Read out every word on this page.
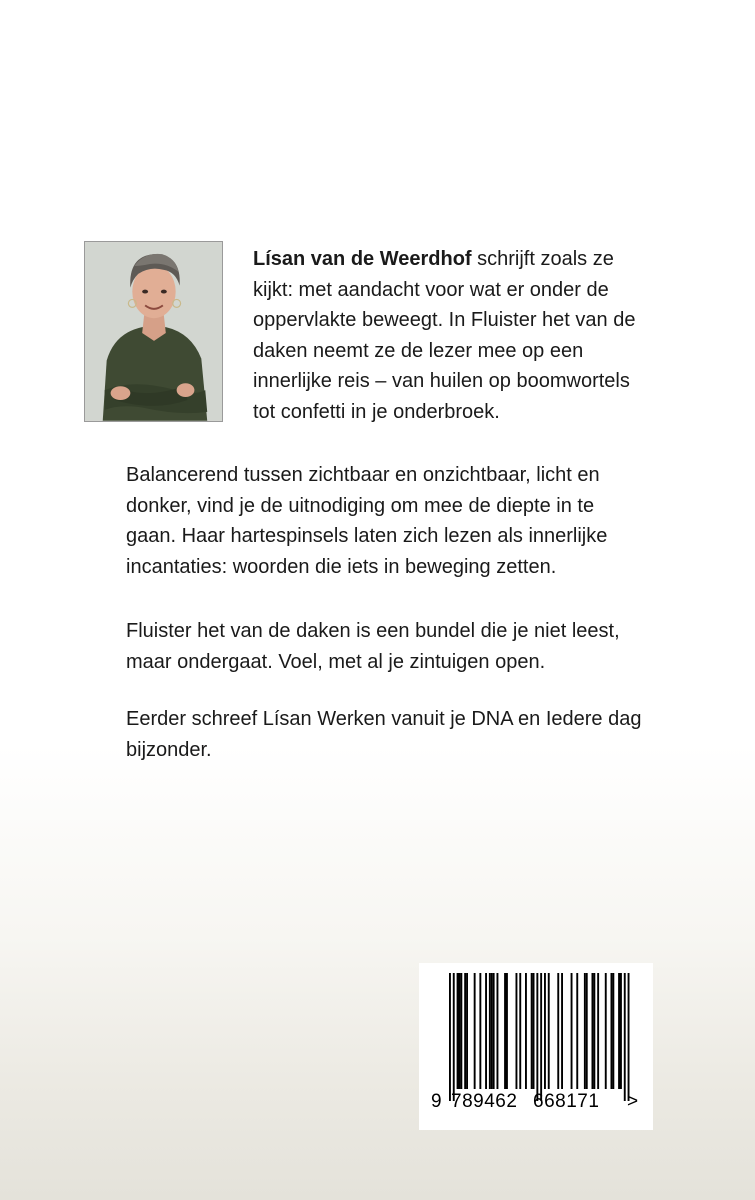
Lísan van de Weerdhof schrijft zoals ze kijkt: met aandacht voor wat er onder de oppervlakte beweegt. In Fluister het van de daken neemt ze de lezer mee op een innerlijke reis – van huilen op boomwortels tot confetti in je onderbroek.

Balancerend tussen zichtbaar en onzichtbaar, licht en donker, vind je de uitnodiging om mee de diepte in te gaan. Haar hartespinsels laten zich lezen als innerlijke incantaties: woorden die iets in beweging zetten.

Fluister het van de daken is een bundel die je niet leest, maar ondergaat. Voel, met al je zintuigen open.

Eerder schreef Lísan Werken vanuit je DNA en Iedere dag bijzonder.

9 789462 668171 >
